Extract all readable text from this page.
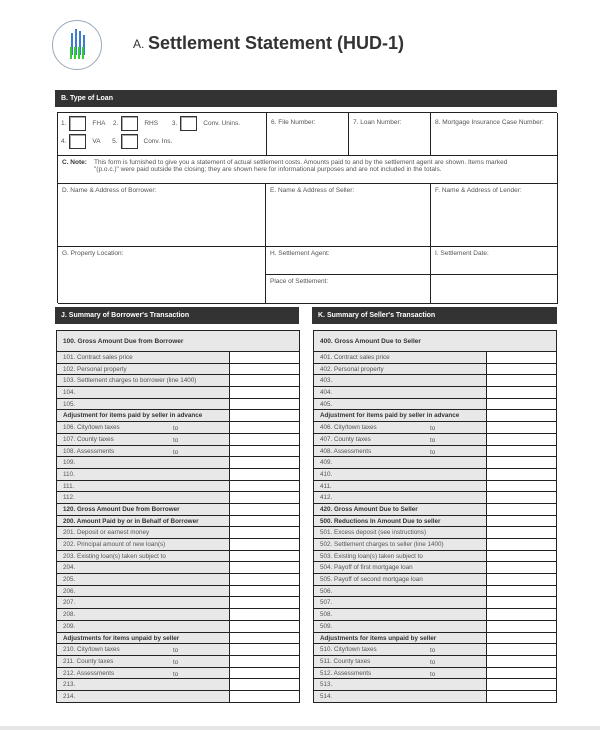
A. Settlement Statement (HUD-1)
B. Type of Loan
1.	FHA 2.	RHS 3.	Conv. Unins.
4.	VA 5.	Conv. Ins.
6. File Number:	7. Loan Number:	8. Mortgage Insurance Case Number:
C. Note: This form is furnished to give you a statement of actual settlement costs. Amounts paid to and by the settlement agent are shown. Items marked
"(p.o.c.)" were paid outside the closing; they are shown here for informational purposes and are not included in the totals.
D. Name & Address of Borrower:	E. Name & Address of Seller:	F. Name & Address of Lender:
G. Property Location:	H. Settlement Agent:	I. Settlement Date:
Place of Settlement:
J. Summary of Borrower's Transaction	K. Summary of Seller's Transaction
100. Gross Amount Due from Borrower
101. Contract sales price
102. Personal property
103. Settlement charges to borrower (line 1400)
104.
105.
Adjustment for items paid by seller in advance
106. City/town taxes	to
107. County taxes	to
108. Assessments	to
109.
110.
111.
112.
120. Gross Amount Due from Borrower
200. Amount Paid by or in Behalf of Borrower
201. Deposit or earnest money
202. Principal amount of new loan(s)
203. Existing loan(s) taken subject to
204.
205.
206.
207.
208.
209.
Adjustments for items unpaid by seller
210. City/town taxes	to
211. County taxes	to
212. Assessments	to
213.
214.
400. Gross Amount Due to Seller
401. Contract sales price
402. Personal property
403.
404.
405.
Adjustment for items paid by seller in advance
406. City/town taxes	to
407. County taxes	to
408. Assessments	to
409.
410.
411.
412.
420. Gross Amount Due to Seller
500. Reductions In Amount Due to seller
501. Excess deposit (see instructions)
502. Settlement charges to seller (line 1400)
503. Existing loan(s) taken subject to
504. Payoff of first mortgage loan
505. Payoff of second mortgage loan
506.
507.
508.
509.
Adjustments for items unpaid by seller
510. City/town taxes	to
511. County taxes	to
512. Assessments	to
513.
514.
